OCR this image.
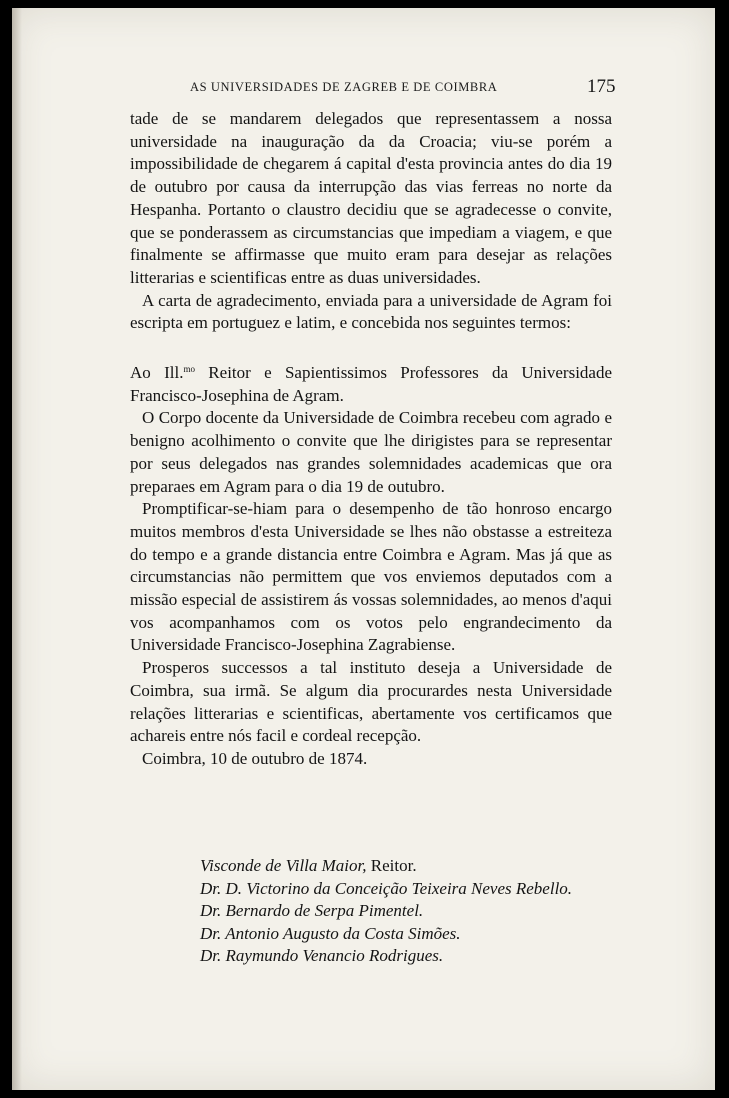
AS UNIVERSIDADES DE ZAGREB E DE COIMBRA	175

tade de se mandarem delegados que representassem a nossa universidade na inauguração da da Croacia; viu-se porém a impossibilidade de chegarem á capital d'esta provincia antes do dia 19 de outubro por causa da interrupção das vias ferreas no norte da Hespanha. Portanto o claustro decidiu que se agradecesse o convite, que se ponderassem as circumstancias que impediam a viagem, e que finalmente se affirmasse que muito eram para desejar as relações litterarias e scientificas entre as duas universidades.

A carta de agradecimento, enviada para a universidade de Agram foi escripta em portuguez e latim, e concebida nos seguintes termos:

Ao Ill.$^{mo}$ Reitor e Sapientissimos Professores da Universidade Francisco-Josephina de Agram.

O Corpo docente da Universidade de Coimbra recebeu com agrado e benigno acolhimento o convite que lhe dirigistes para se representar por seus delegados nas grandes solemnidades academicas que ora preparaes em Agram para o dia 19 de outubro.

Promptificar-se-hiam para o desempenho de tão honroso encargo muitos membros d'esta Universidade se lhes não obstasse a estreiteza do tempo e a grande distancia entre Coimbra e Agram. Mas já que as circumstancias não permittem que vos enviemos deputados com a missão especial de assistirem ás vossas solemnidades, ao menos d'aqui vos acompanhamos com os votos pelo engrandecimento da Universidade Francisco-Josephina Zagrabiense.

Prosperos successos a tal instituto deseja a Universidade de Coimbra, sua irmã. Se algum dia procurardes nesta Universidade relações litterarias e scientificas, abertamente vos certificamos que achareis entre nós facil e cordeal recepção.

Coimbra, 10 de outubro de 1874.

Visconde de Villa Maior, Reitor.
Dr. D. Victorino da Conceição Teixeira Neves Rebello.
Dr. Bernardo de Serpa Pimentel.
Dr. Antonio Augusto da Costa Simões.
Dr. Raymundo Venancio Rodrigues.
